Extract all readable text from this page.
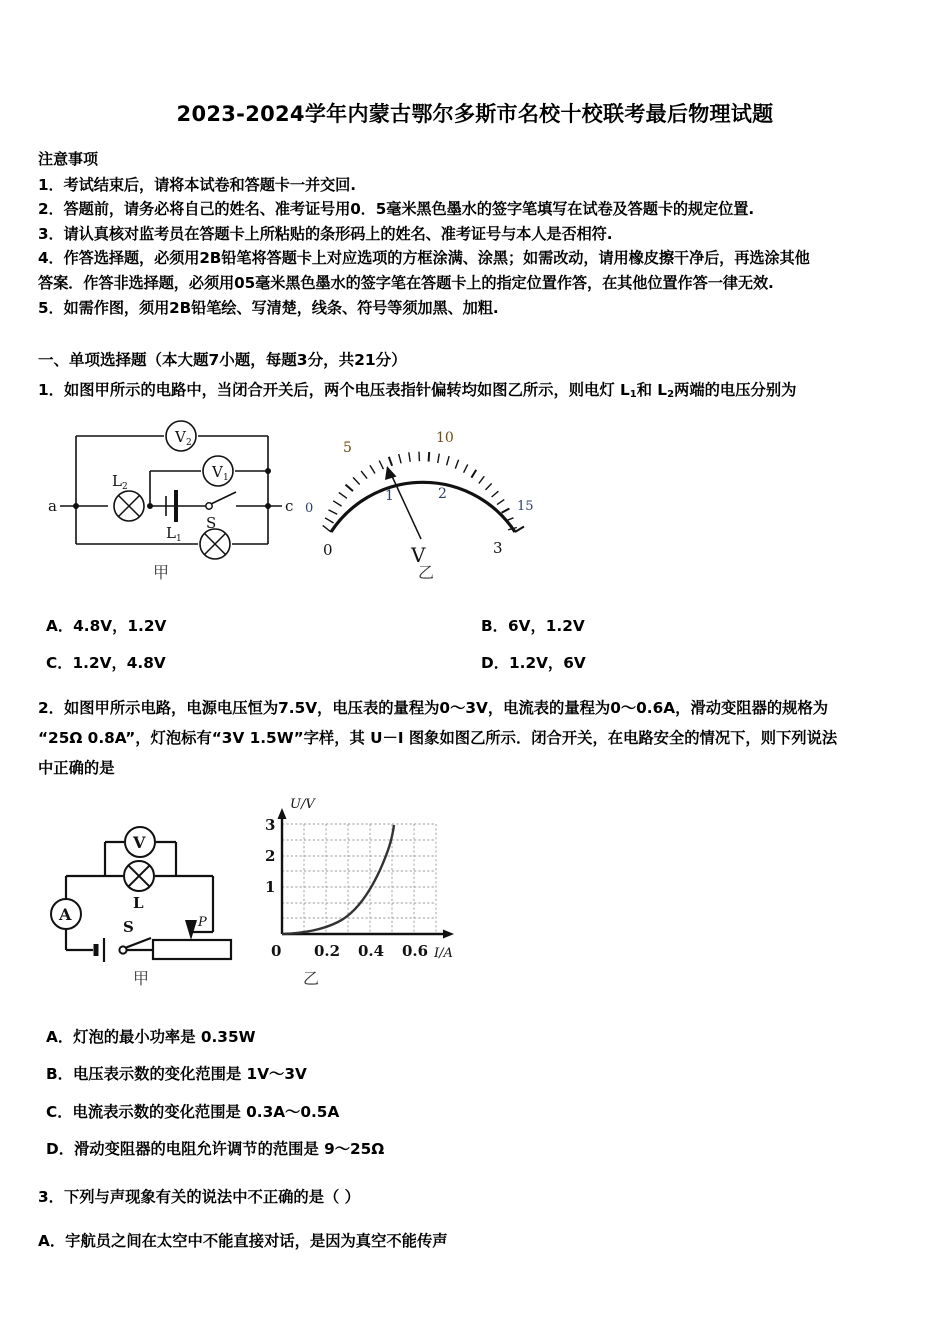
2023-2024学年内蒙古鄂尔多斯市名校十校联考最后物理试题
注意事项
1．考试结束后，请将本试卷和答题卡一并交回.
2．答题前，请务必将自己的姓名、准考证号用0．5毫米黑色墨水的签字笔填写在试卷及答题卡的规定位置.
3．请认真核对监考员在答题卡上所粘贴的条形码上的姓名、准考证号与本人是否相符.
4．作答选择题，必须用2B铅笔将答题卡上对应选项的方框涂满、涂黑；如需改动，请用橡皮擦干净后，再选涂其他
答案．作答非选择题，必须用05毫米黑色墨水的签字笔在答题卡上的指定位置作答，在其他位置作答一律无效.
5．如需作图，须用2B铅笔绘、写清楚，线条、符号等须加黑、加粗.
一、单项选择题（本大题7小题，每题3分，共21分）
1．如图甲所示的电路中，当闭合开关后，两个电压表指针偏转均如图乙所示，则电灯 $L_1$和 $L_2$两端的电压分别为
V 2
V 1
L 2
L 1
S
a	c
甲
0
5
10
15
0
1	2
3
V
乙
A．4.8V，1.2V	B．6V，1.2V
C．1.2V，4.8V	D．1.2V，6V
2．如图甲所示电路，电源电压恒为7.5V，电压表的量程为0～3V，电流表的量程为0～0.6A，滑动变阻器的规格为
“25Ω 0.8A”，灯泡标有“3V 1.5W”字样，其 U－I 图象如图乙所示．闭合开关，在电路安全的情况下，则下列说法
中正确的是
L
V
A
S	P
甲
U/V
I/A
3
2
1
0 0.2 0.4 0.6
乙
A．灯泡的最小功率是 0.35W
B．电压表示数的变化范围是 1V～3V
C．电流表示数的变化范围是 0.3A～0.5A
D．滑动变阻器的电阻允许调节的范围是 9～25Ω
3．下列与声现象有关的说法中不正确的是（ ）
A．宇航员之间在太空中不能直接对话，是因为真空不能传声
